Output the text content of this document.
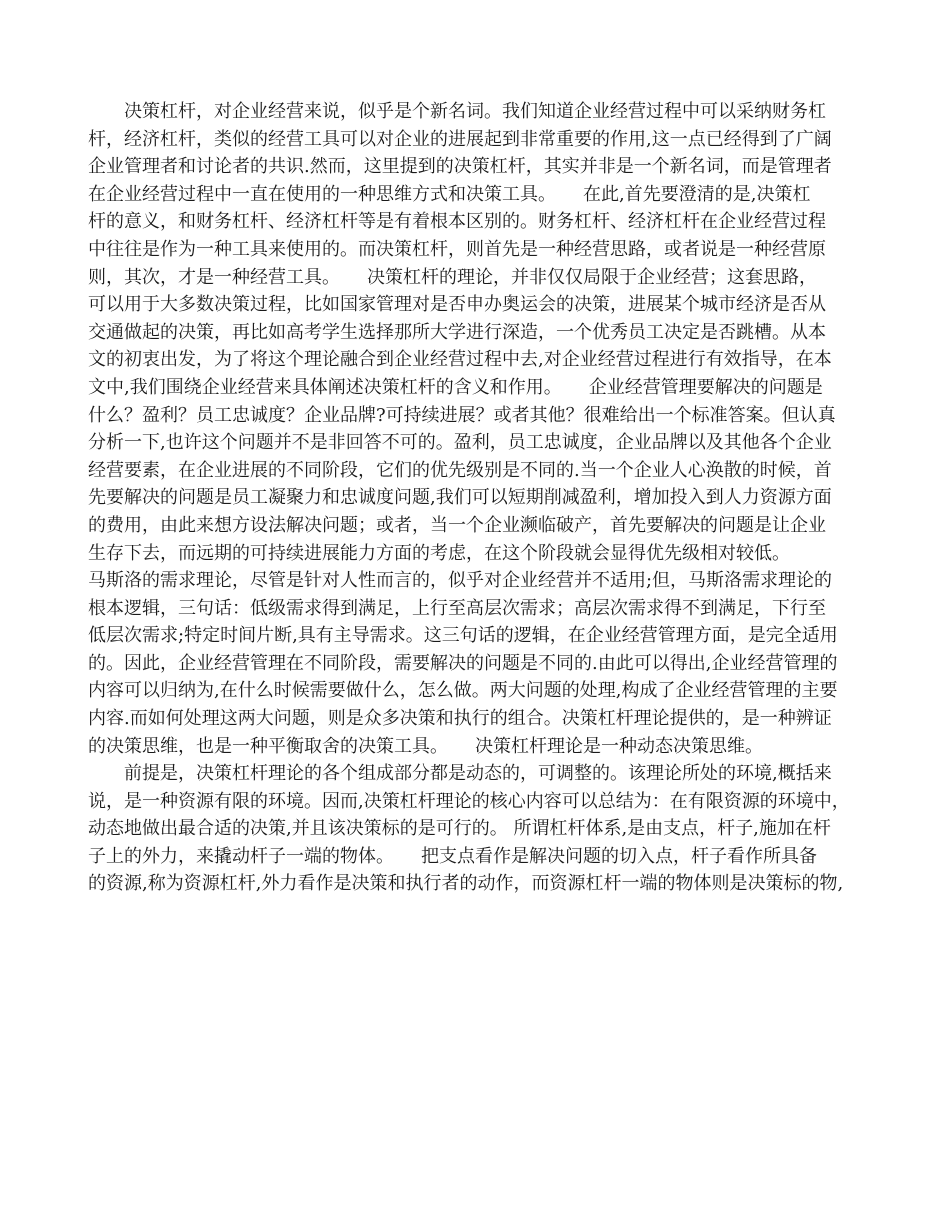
　　决策杠杆，对企业经营来说，似乎是个新名词。我们知道企业经营过程中可以采纳财务杠
杆，经济杠杆，类似的经营工具可以对企业的进展起到非常重要的作用,这一点已经得到了广阔
企业管理者和讨论者的共识.然而，这里提到的决策杠杆，其实并非是一个新名词，而是管理者
在企业经营过程中一直在使用的一种思维方式和决策工具。　　在此,首先要澄清的是,决策杠
杆的意义，和财务杠杆、经济杠杆等是有着根本区别的。财务杠杆、经济杠杆在企业经营过程
中往往是作为一种工具来使用的。而决策杠杆，则首先是一种经营思路，或者说是一种经营原
则，其次，才是一种经营工具。　　决策杠杆的理论，并非仅仅局限于企业经营；这套思路，
可以用于大多数决策过程，比如国家管理对是否申办奥运会的决策，进展某个城市经济是否从
交通做起的决策，再比如高考学生选择那所大学进行深造，一个优秀员工决定是否跳槽。从本
文的初衷出发，为了将这个理论融合到企业经营过程中去,对企业经营过程进行有效指导，在本
文中,我们围绕企业经营来具体阐述决策杠杆的含义和作用。　　企业经营管理要解决的问题是
什么？盈利？员工忠诚度？企业品牌?可持续进展？或者其他？很难给出一个标准答案。但认真
分析一下,也许这个问题并不是非回答不可的。盈利，员工忠诚度，企业品牌以及其他各个企业
经营要素，在企业进展的不同阶段，它们的优先级别是不同的.当一个企业人心涣散的时候，首
先要解决的问题是员工凝聚力和忠诚度问题,我们可以短期削减盈利，增加投入到人力资源方面
的费用，由此来想方设法解决问题；或者，当一个企业濒临破产，首先要解决的问题是让企业
生存下去，而远期的可持续进展能力方面的考虑，在这个阶段就会显得优先级相对较低。
马斯洛的需求理论，尽管是针对人性而言的，似乎对企业经营并不适用;但，马斯洛需求理论的
根本逻辑，三句话：低级需求得到满足，上行至高层次需求；高层次需求得不到满足，下行至
低层次需求;特定时间片断,具有主导需求。这三句话的逻辑，在企业经营管理方面，是完全适用
的。因此，企业经营管理在不同阶段，需要解决的问题是不同的.由此可以得出,企业经营管理的
内容可以归纳为,在什么时候需要做什么，怎么做。两大问题的处理,构成了企业经营管理的主要
内容.而如何处理这两大问题，则是众多决策和执行的组合。决策杠杆理论提供的，是一种辨证
的决策思维，也是一种平衡取舍的决策工具。　　决策杠杆理论是一种动态决策思维。
　　前提是，决策杠杆理论的各个组成部分都是动态的，可调整的。该理论所处的环境,概括来
说，是一种资源有限的环境。因而,决策杠杆理论的核心内容可以总结为：在有限资源的环境中，
动态地做出最合适的决策,并且该决策标的是可行的。 所谓杠杆体系,是由支点，杆子,施加在杆
子上的外力，来撬动杆子一端的物体。　　把支点看作是解决问题的切入点，杆子看作所具备
的资源,称为资源杠杆,外力看作是决策和执行者的动作，而资源杠杆一端的物体则是决策标的物,
